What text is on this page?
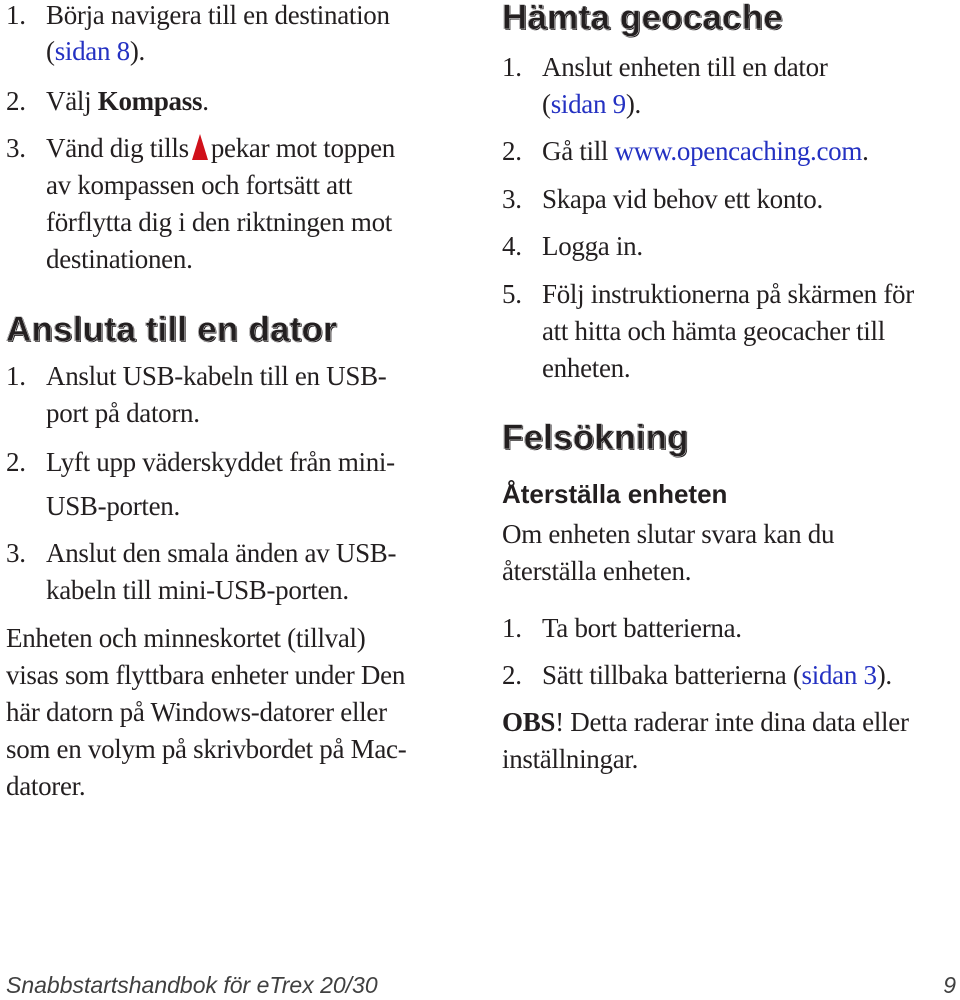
1. Börja navigera till en destination
(sidan 8).
2. Välj Kompass.
3. Vänd dig tills pekar mot toppen
av kompassen och fortsätt att
förflytta dig i den riktningen mot
destinationen.
Ansluta till en dator
1. Anslut USB-kabeln till en USB-
port på datorn.
2. Lyft upp väderskyddet från mini-
USB-porten.
3. Anslut den smala änden av USB-
kabeln till mini-USB-porten.
Enheten och minneskortet (tillval)
visas som flyttbara enheter under Den
här datorn på Windows-datorer eller
som en volym på skrivbordet på Mac-
datorer.
Hämta geocache
1. Anslut enheten till en dator
(sidan 9).
2. Gå till www.opencaching.com.
3. Skapa vid behov ett konto.
4. Logga in.
5. Följ instruktionerna på skärmen för
att hitta och hämta geocacher till
enheten.
Felsökning
Återställa enheten
Om enheten slutar svara kan du
återställa enheten.
1. Ta bort batterierna.
2. Sätt tillbaka batterierna (sidan 3).
OBS! Detta raderar inte dina data eller
inställningar.
Snabbstartshandbok för eTrex 20/30	9
